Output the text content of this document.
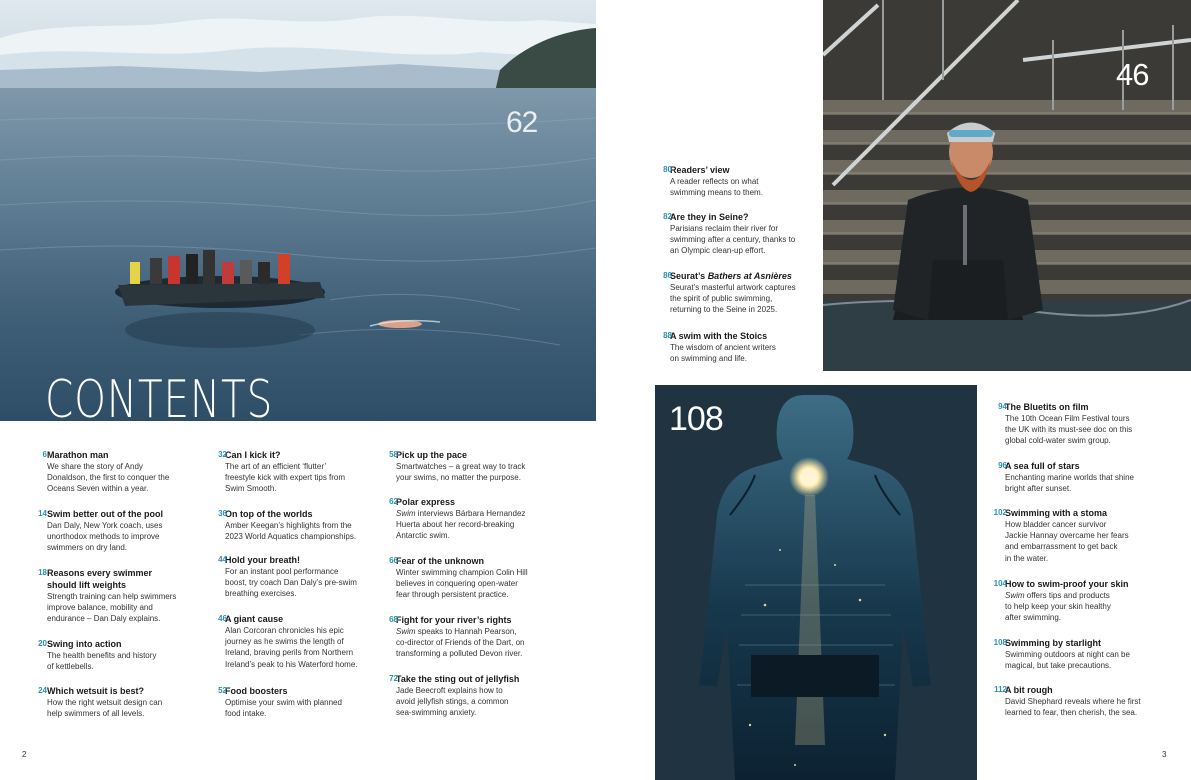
62
CONTENTS
46
108
6 Marathon man
We share the story of Andy
Donaldson, the first to conquer the
Oceans Seven within a year.
14 Swim better out of the pool
Dan Daly, New York coach, uses
unorthodox methods to improve
swimmers on dry land.
18 Reasons every swimmer should lift weights
Strength training can help swimmers
improve balance, mobility and
endurance – Dan Daly explains.
20 Swing into action
The health benefits and history
of kettlebells.
24 Which wetsuit is best?
How the right wetsuit design can
help swimmers of all levels.
32
Can I kick it?
The art of an efficient ‘flutter’
freestyle kick with expert tips from
Swim Smooth.
36
On top of the worlds
Amber Keegan’s highlights from the
2023 World Aquatics championships.
44
Hold your breath!
For an instant pool performance
boost, try coach Dan Daly’s pre-swim
breathing exercises.
46
A giant cause
Alan Corcoran chronicles his epic
journey as he swims the length of
Ireland, braving perils from Northern
Ireland’s peak to his Waterford home.
52
Food boosters
Optimise your swim with planned
food intake.
58
Pick up the pace
Smartwatches – a great way to track
your swims, no matter the purpose.
62
Polar express
Swim interviews Bárbara Hernandez
Huerta about her record-breaking
Antarctic swim.
66
Fear of the unknown
Winter swimming champion Colin Hill
believes in conquering open-water
fear through persistent practice.
68
Fight for your river’s rights
Swim speaks to Hannah Pearson,
co-director of Friends of the Dart, on
transforming a polluted Devon river.
72
Take the sting out of jellyfish
Jade Beecroft explains how to
avoid jellyfish stings, a common
sea-swimming anxiety.
80
Readers’ view
A reader reflects on what
swimming means to them.
82
Are they in Seine?
Parisians reclaim their river for
swimming after a century, thanks to
an Olympic clean-up effort.
86
Seurat’s Bathers at Asnières
Seurat’s masterful artwork captures
the spirit of public swimming,
returning to the Seine in 2025.
88
A swim with the Stoics
The wisdom of ancient writers
on swimming and life.
94
The Bluetits on film
The 10th Ocean Film Festival tours
the UK with its must-see doc on this
global cold-water swim group.
96
A sea full of stars
Enchanting marine worlds that shine
bright after sunset.
102
Swimming with a stoma
How bladder cancer survivor
Jackie Hannay overcame her fears
and embarrassment to get back
in the water.
104
How to swim-proof your skin
Swim offers tips and products
to help keep your skin healthy
after swimming.
108
Swimming by starlight
Swimming outdoors at night can be
magical, but take precautions.
112
A bit rough
David Shephard reveals where he first
learned to fear, then cherish, the sea.
2	3
